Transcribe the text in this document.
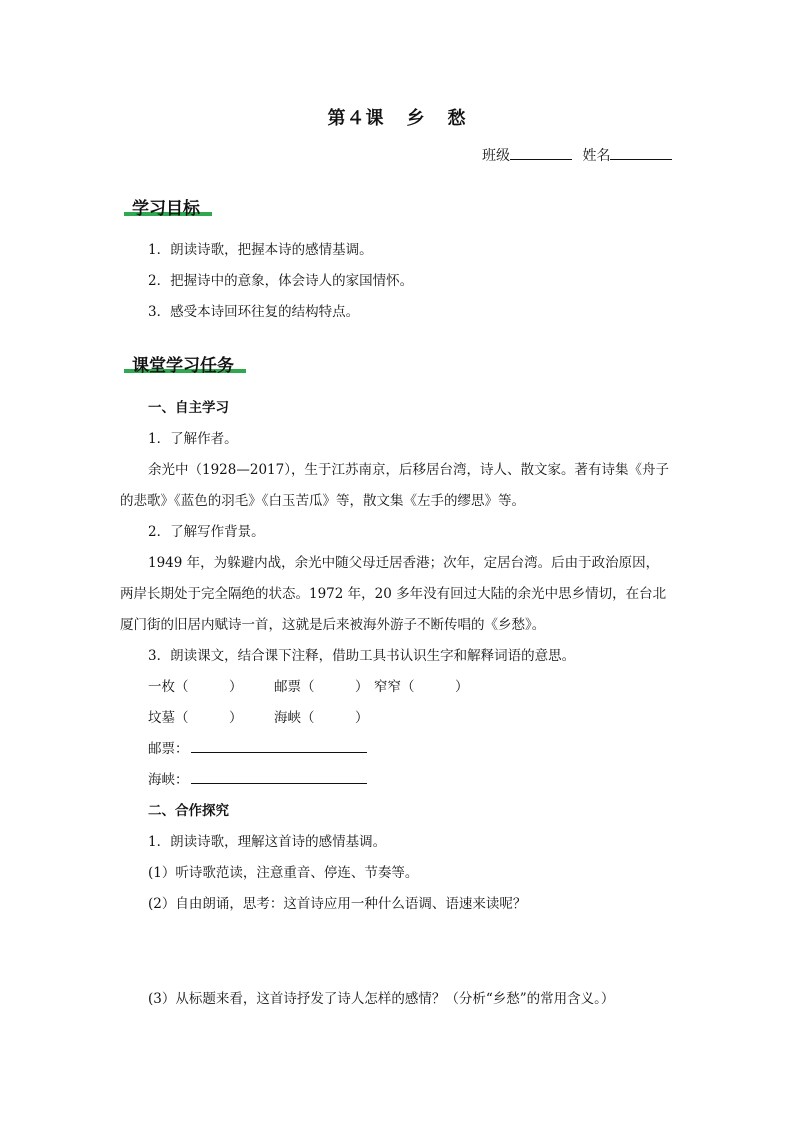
第４课 乡 愁
班级	姓名
学习目标
1．朗读诗歌，把握本诗的感情基调。
2．把握诗中的意象，体会诗人的家国情怀。
3．感受本诗回环往复的结构特点。
课堂学习任务
一、自主学习
1．了解作者。
余光中（1928—2017），生于江苏南京，后移居台湾，诗人、散文家。著有诗集《舟子
的悲歌》《蓝色的羽毛》《白玉苦瓜》等，散文集《左手的缪思》等。
2．了解写作背景。
1949 年，为躲避内战，余光中随父母迁居香港；次年，定居台湾。后由于政治原因，
两岸长期处于完全隔绝的状态。1972 年，20 多年没有回过大陆的余光中思乡情切，在台北
厦门街的旧居内赋诗一首，这就是后来被海外游子不断传唱的《乡愁》。
3．朗读课文，结合课下注释，借助工具书认识生字和解释词语的意思。
一枚（　　　） 邮票（　　　） 窄窄（　　　）
坟墓（　　　） 海峡（　　　）
邮票：
海峡：
二、合作探究
1．朗读诗歌，理解这首诗的感情基调。
(1）听诗歌范读，注意重音、停连、节奏等。
(2）自由朗诵，思考：这首诗应用一种什么语调、语速来读呢？
(3）从标题来看，这首诗抒发了诗人怎样的感情？（分析“乡愁”的常用含义。）
